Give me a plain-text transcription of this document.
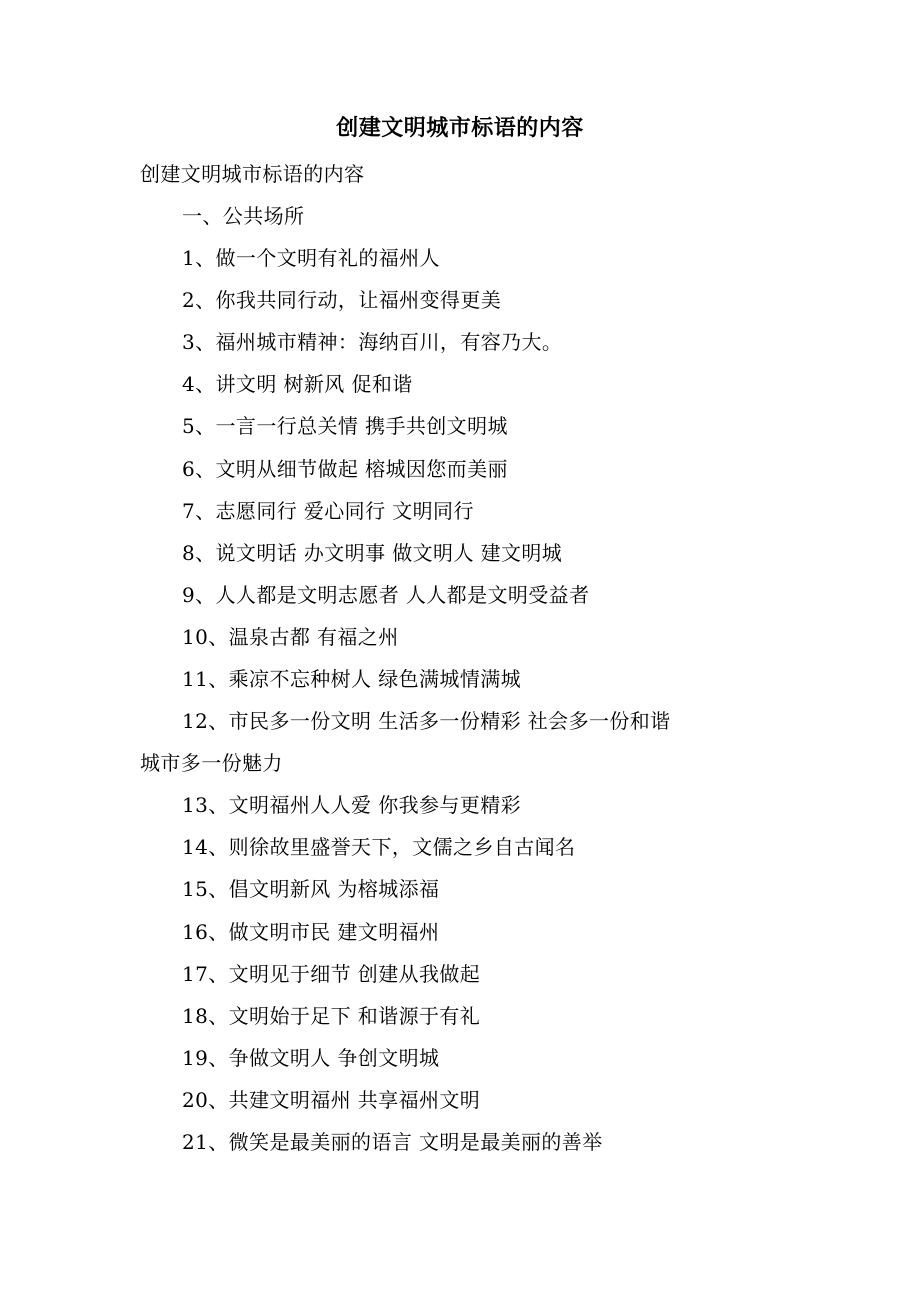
创建文明城市标语的内容
创建文明城市标语的内容
一、公共场所
1、做一个文明有礼的福州人
2、你我共同行动，让福州变得更美
3、福州城市精神：海纳百川，有容乃大。
4、讲文明 树新风 促和谐
5、一言一行总关情 携手共创文明城
6、文明从细节做起 榕城因您而美丽
7、志愿同行 爱心同行 文明同行
8、说文明话 办文明事 做文明人 建文明城
9、人人都是文明志愿者 人人都是文明受益者
10、温泉古都 有福之州
11、乘凉不忘种树人 绿色满城情满城
12、市民多一份文明 生活多一份精彩 社会多一份和谐
城市多一份魅力
13、文明福州人人爱 你我参与更精彩
14、则徐故里盛誉天下，文儒之乡自古闻名
15、倡文明新风 为榕城添福
16、做文明市民 建文明福州
17、文明见于细节 创建从我做起
18、文明始于足下 和谐源于有礼
19、争做文明人 争创文明城
20、共建文明福州 共享福州文明
21、微笑是最美丽的语言 文明是最美丽的善举
